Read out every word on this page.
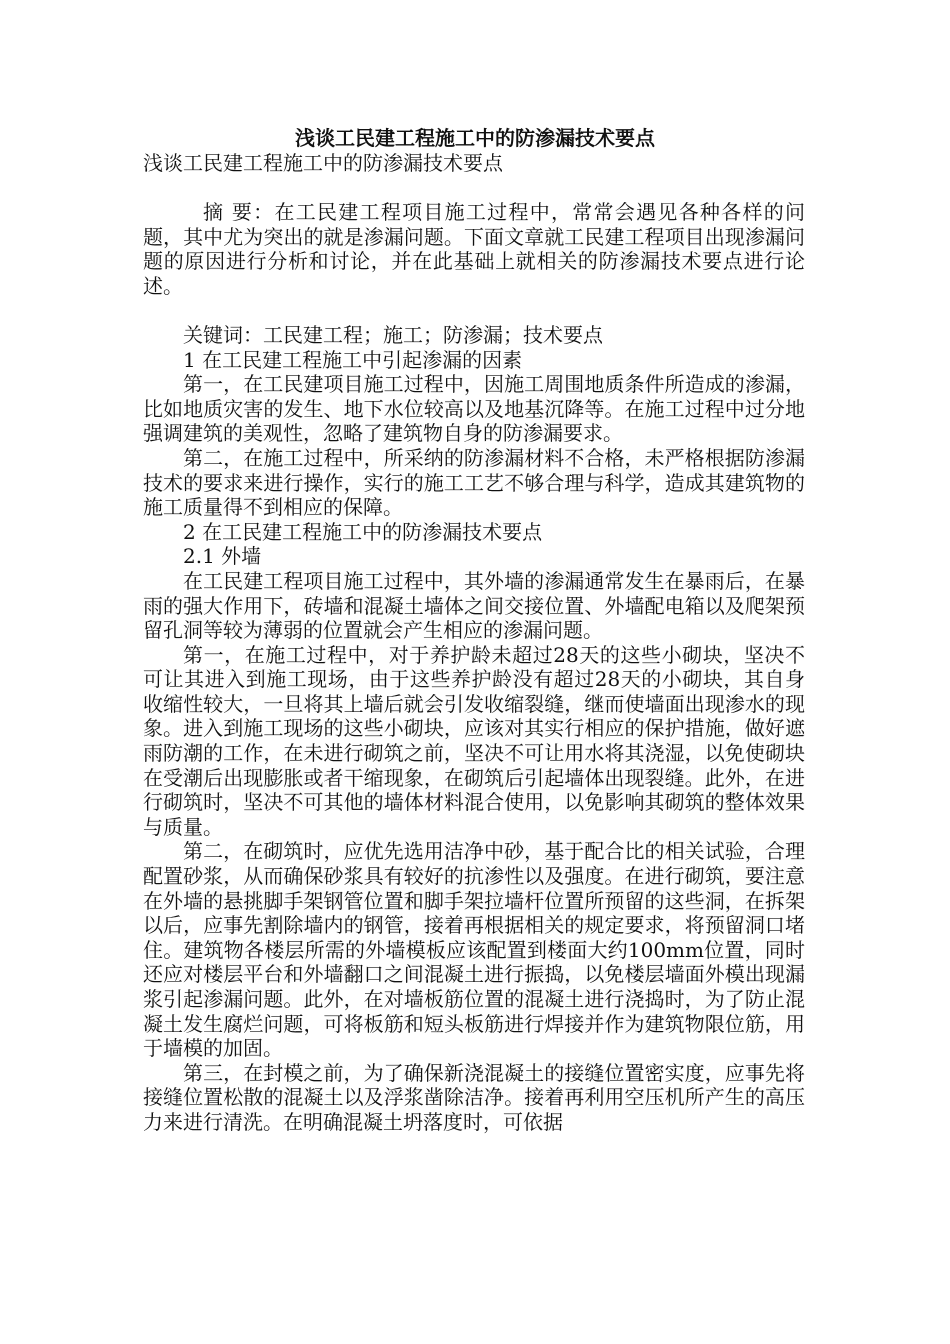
浅谈工民建工程施工中的防渗漏技术要点

浅谈工民建工程施工中的防渗漏技术要点

摘 要：在工民建工程项目施工过程中，常常会遇见各种各样的问题，其中尤为突出的就是渗漏问题。下面文章就工民建工程项目出现渗漏问题的原因进行分析和讨论，并在此基础上就相关的防渗漏技术要点进行论述。

关键词：工民建工程；施工；防渗漏；技术要点

1 在工民建工程施工中引起渗漏的因素

第一，在工民建项目施工过程中，因施工周围地质条件所造成的渗漏，比如地质灾害的发生、地下水位较高以及地基沉降等。在施工过程中过分地强调建筑的美观性，忽略了建筑物自身的防渗漏要求。

第二，在施工过程中，所采纳的防渗漏材料不合格，未严格根据防渗漏技术的要求来进行操作，实行的施工工艺不够合理与科学，造成其建筑物的施工质量得不到相应的保障。

2 在工民建工程施工中的防渗漏技术要点

2.1 外墙

在工民建工程项目施工过程中，其外墙的渗漏通常发生在暴雨后，在暴雨的强大作用下，砖墙和混凝土墙体之间交接位置、外墙配电箱以及爬架预留孔洞等较为薄弱的位置就会产生相应的渗漏问题。

第一，在施工过程中，对于养护龄未超过28天的这些小砌块，坚决不可让其进入到施工现场，由于这些养护龄没有超过28天的小砌块，其自身收缩性较大，一旦将其上墙后就会引发收缩裂缝，继而使墙面出现渗水的现象。进入到施工现场的这些小砌块，应该对其实行相应的保护措施，做好遮雨防潮的工作，在未进行砌筑之前，坚决不可让用水将其浇湿，以免使砌块在受潮后出现膨胀或者干缩现象，在砌筑后引起墙体出现裂缝。此外，在进行砌筑时，坚决不可其他的墙体材料混合使用，以免影响其砌筑的整体效果与质量。

第二，在砌筑时，应优先选用洁净中砂，基于配合比的相关试验，合理配置砂浆，从而确保砂浆具有较好的抗渗性以及强度。在进行砌筑，要注意在外墙的悬挑脚手架钢管位置和脚手架拉墙杆位置所预留的这些洞，在拆架以后，应事先割除墙内的钢管，接着再根据相关的规定要求，将预留洞口堵住。建筑物各楼层所需的外墙模板应该配置到楼面大约100mm位置，同时还应对楼层平台和外墙翻口之间混凝土进行振捣，以免楼层墙面外模出现漏浆引起渗漏问题。此外，在对墙板筋位置的混凝土进行浇捣时，为了防止混凝土发生腐烂问题，可将板筋和短头板筋进行焊接并作为建筑物限位筋，用于墙模的加固。

第三，在封模之前，为了确保新浇混凝土的接缝位置密实度，应事先将接缝位置松散的混凝土以及浮浆凿除洁净。接着再利用空压机所产生的高压力来进行清洗。在明确混凝土坍落度时，可依据
